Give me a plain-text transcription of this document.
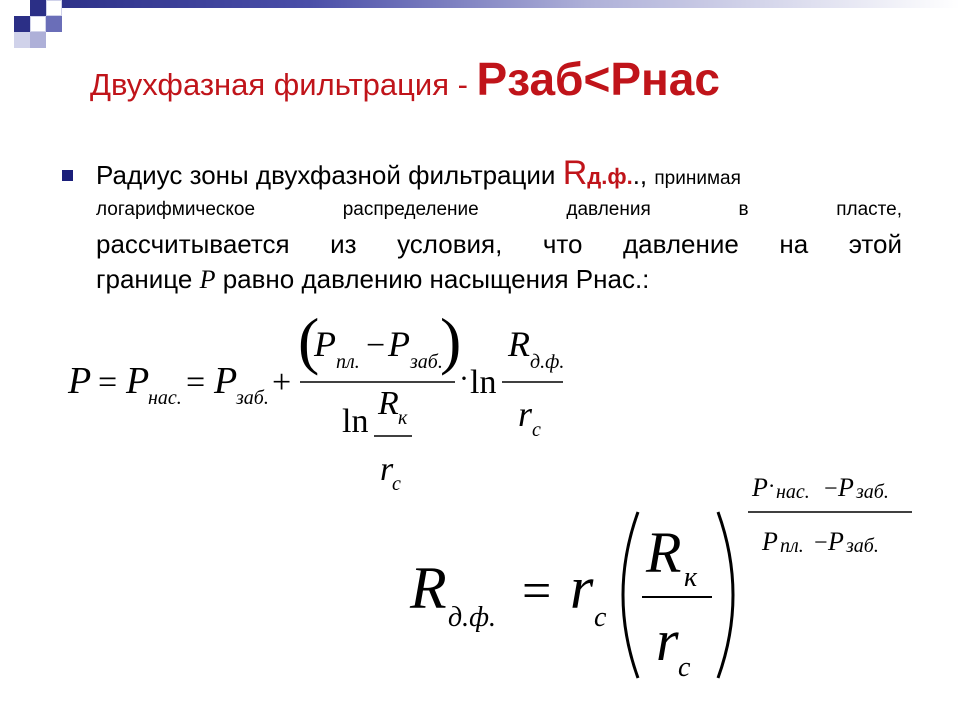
Двухфазная фильтрация - Рзаб<Рнас
Радиус зоны двухфазной фильтрации Rд.ф.., принимая
логарифмическое	распределение	давления	в	пласте,
рассчитывается из условия, что давление на этой
границе Р равно давлению насыщения Рнас.:
P = P
нас. = P
заб. +
(
P пл. − P заб.
)
ln R к
r
c
· ln
R д.ф.
r c
R д.ф. = r c
R к
r c
P · нас. − P заб.
P пл. − P заб.
